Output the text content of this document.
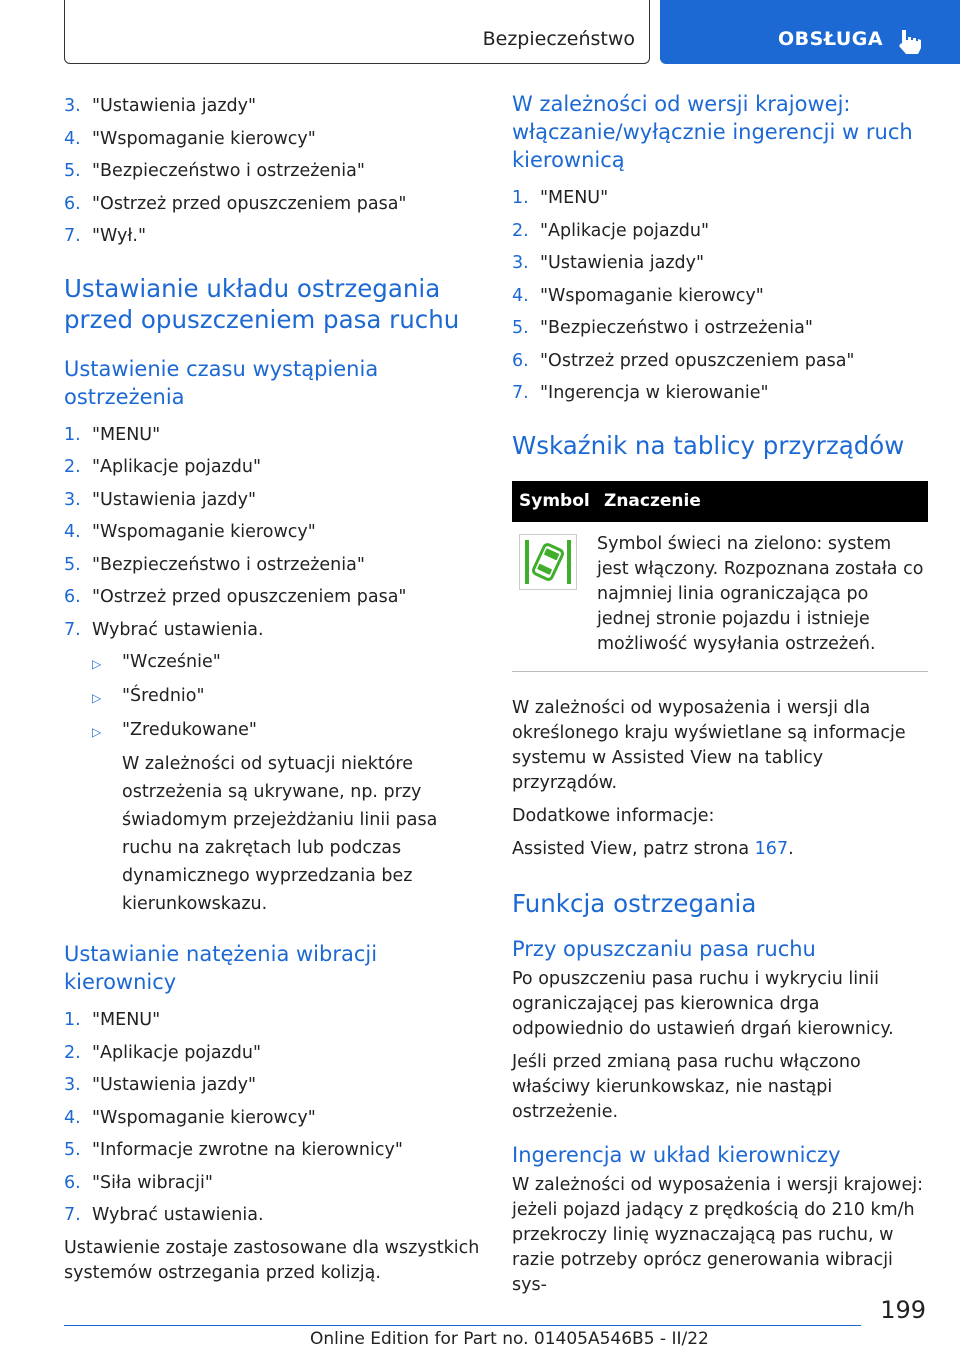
Bezpieczeństwo	OBSŁUGA
3. "Ustawienia jazdy"
4. "Wspomaganie kierowcy"
5. "Bezpieczeństwo i ostrzeżenia"
6. "Ostrzeż przed opuszczeniem pasa"
7. "Wył."
Ustawianie układu ostrzegania przed opuszczeniem pasa ruchu
Ustawienie czasu wystąpienia ostrzeżenia
1. "MENU"
2. "Aplikacje pojazdu"
3. "Ustawienia jazdy"
4. "Wspomaganie kierowcy"
5. "Bezpieczeństwo i ostrzeżenia"
6. "Ostrzeż przed opuszczeniem pasa"
7. Wybrać ustawienia.
▷	"Wcześnie"
▷	"Średnio"
▷	"Zredukowane"

W zależności od sytuacji niektóre ostrzeżenia są ukrywane, np. przy świadomym przejeżdżaniu linii pasa ruchu na zakrętach lub podczas dynamicznego wyprzedzania bez kierunkowskazu.

Ustawianie natężenia wibracji kierownicy
1. "MENU"
2. "Aplikacje pojazdu"
3. "Ustawienia jazdy"
4. "Wspomaganie kierowcy"
5. "Informacje zwrotne na kierownicy"
6. "Siła wibracji"
7. Wybrać ustawienia.

Ustawienie zostaje zastosowane dla wszystkich systemów ostrzegania przed kolizją.

W zależności od wersji krajowej: włączanie/wyłącznie ingerencji w ruch kierownicą
1. "MENU"
2. "Aplikacje pojazdu"
3. "Ustawienia jazdy"
4. "Wspomaganie kierowcy"
5. "Bezpieczeństwo i ostrzeżenia"
6. "Ostrzeż przed opuszczeniem pasa"
7. "Ingerencja w kierowanie"
Wskaźnik na tablicy przyrządów
Symbol	Znaczenie
	Symbol świeci na zielono: system jest włączony. Rozpoznana została co najmniej linia ograniczająca po jednej stronie pojazdu i istnieje możliwość wysyłania ostrzeżeń.

W zależności od wyposażenia i wersji dla określonego kraju wyświetlane są informacje systemu w Assisted View na tablicy przyrządów.

Dodatkowe informacje:

Assisted View, patrz strona 167.

Funkcja ostrzegania
Przy opuszczaniu pasa ruchu

Po opuszczeniu pasa ruchu i wykryciu linii ograniczającej pas kierownica drga odpowiednio do ustawień drgań kierownicy.

Jeśli przed zmianą pasa ruchu włączono właściwy kierunkowskaz, nie nastąpi ostrzeżenie.

Ingerencja w układ kierowniczy

W zależności od wyposażenia i wersji krajowej: jeżeli pojazd jadący z prędkością do 210 km/h przekroczy linię wyznaczającą pas ruchu, w razie potrzeby oprócz generowania wibracji sys-

199
Online Edition for Part no. 01405A546B5 - II/22
